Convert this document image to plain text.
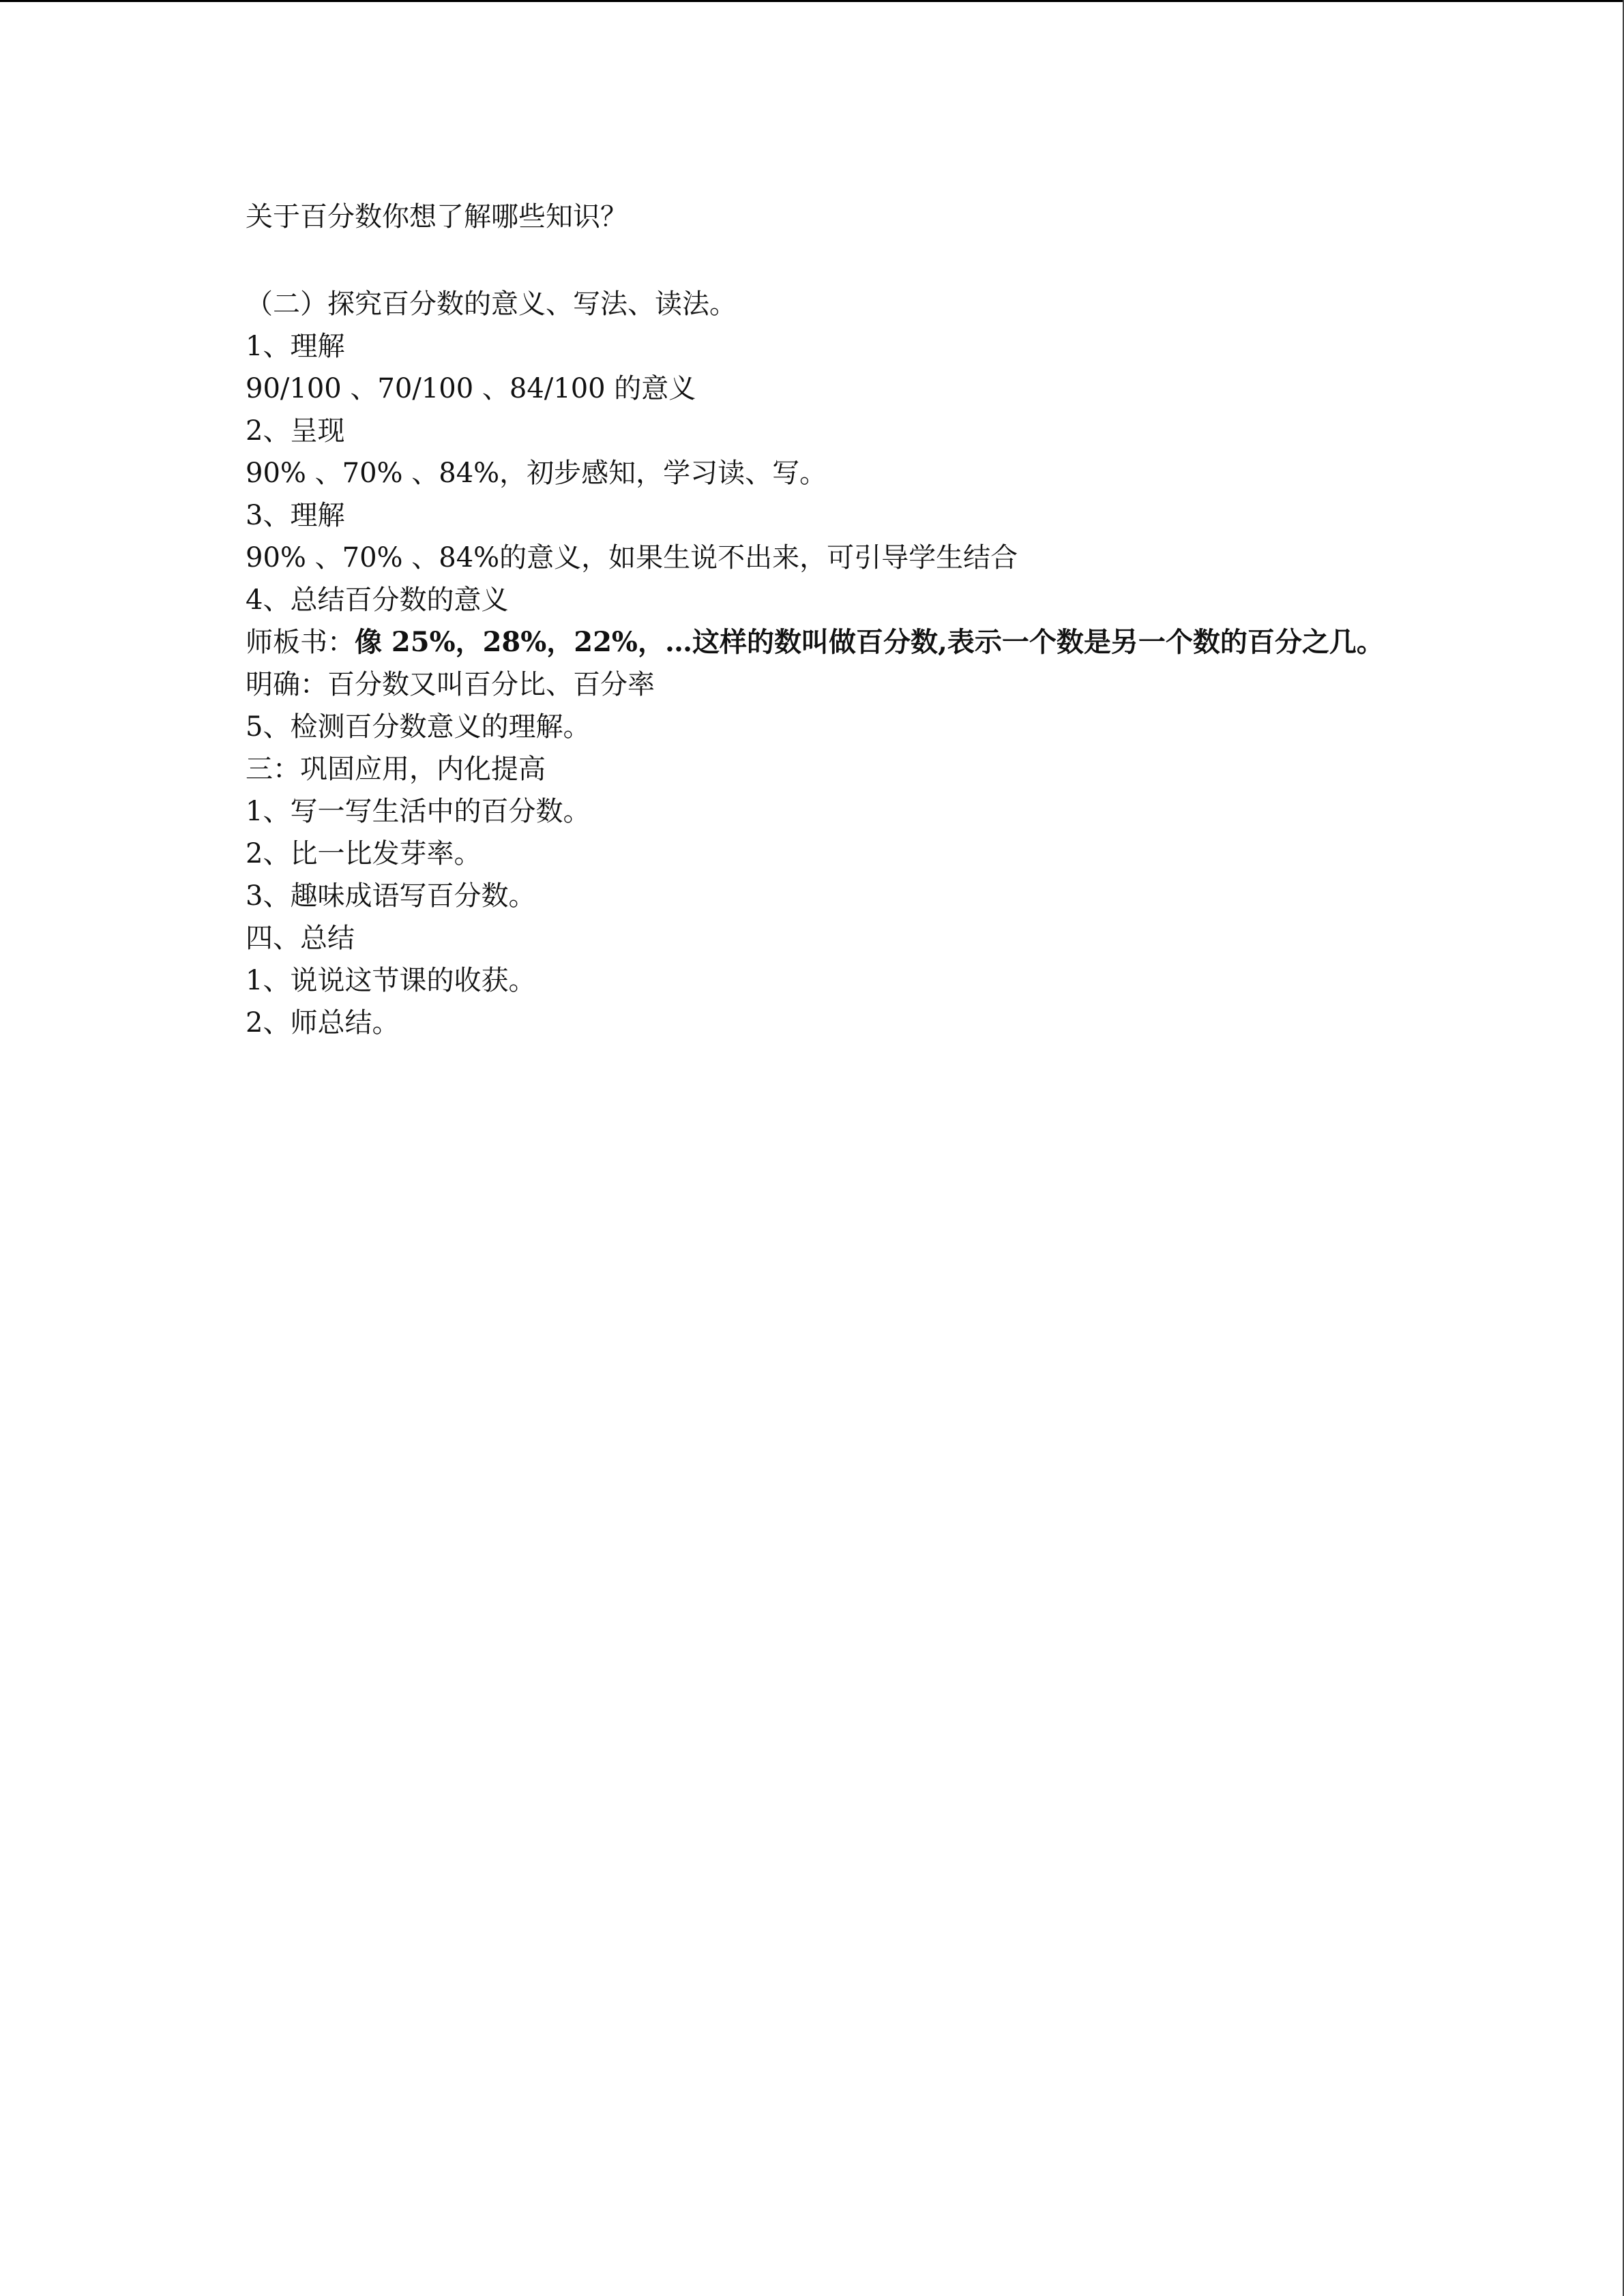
关于百分数你想了解哪些知识？
（二）探究百分数的意义、写法、读法。
1、理解
90/100 、70/100 、84/100 的意义
2、呈现
90% 、70% 、84%，初步感知，学习读、写。
3、理解
90% 、70% 、84%的意义，如果生说不出来，可引导学生结合
4、总结百分数的意义
师板书：像 25%，28%，22%，…这样的数叫做百分数,表示一个数是另一个数的百分之几。
明确：百分数又叫百分比、百分率
5、检测百分数意义的理解。
三：巩固应用，内化提高
1、写一写生活中的百分数。
2、比一比发芽率。
3、趣味成语写百分数。
四、总结
1、说说这节课的收获。
2、师总结。
